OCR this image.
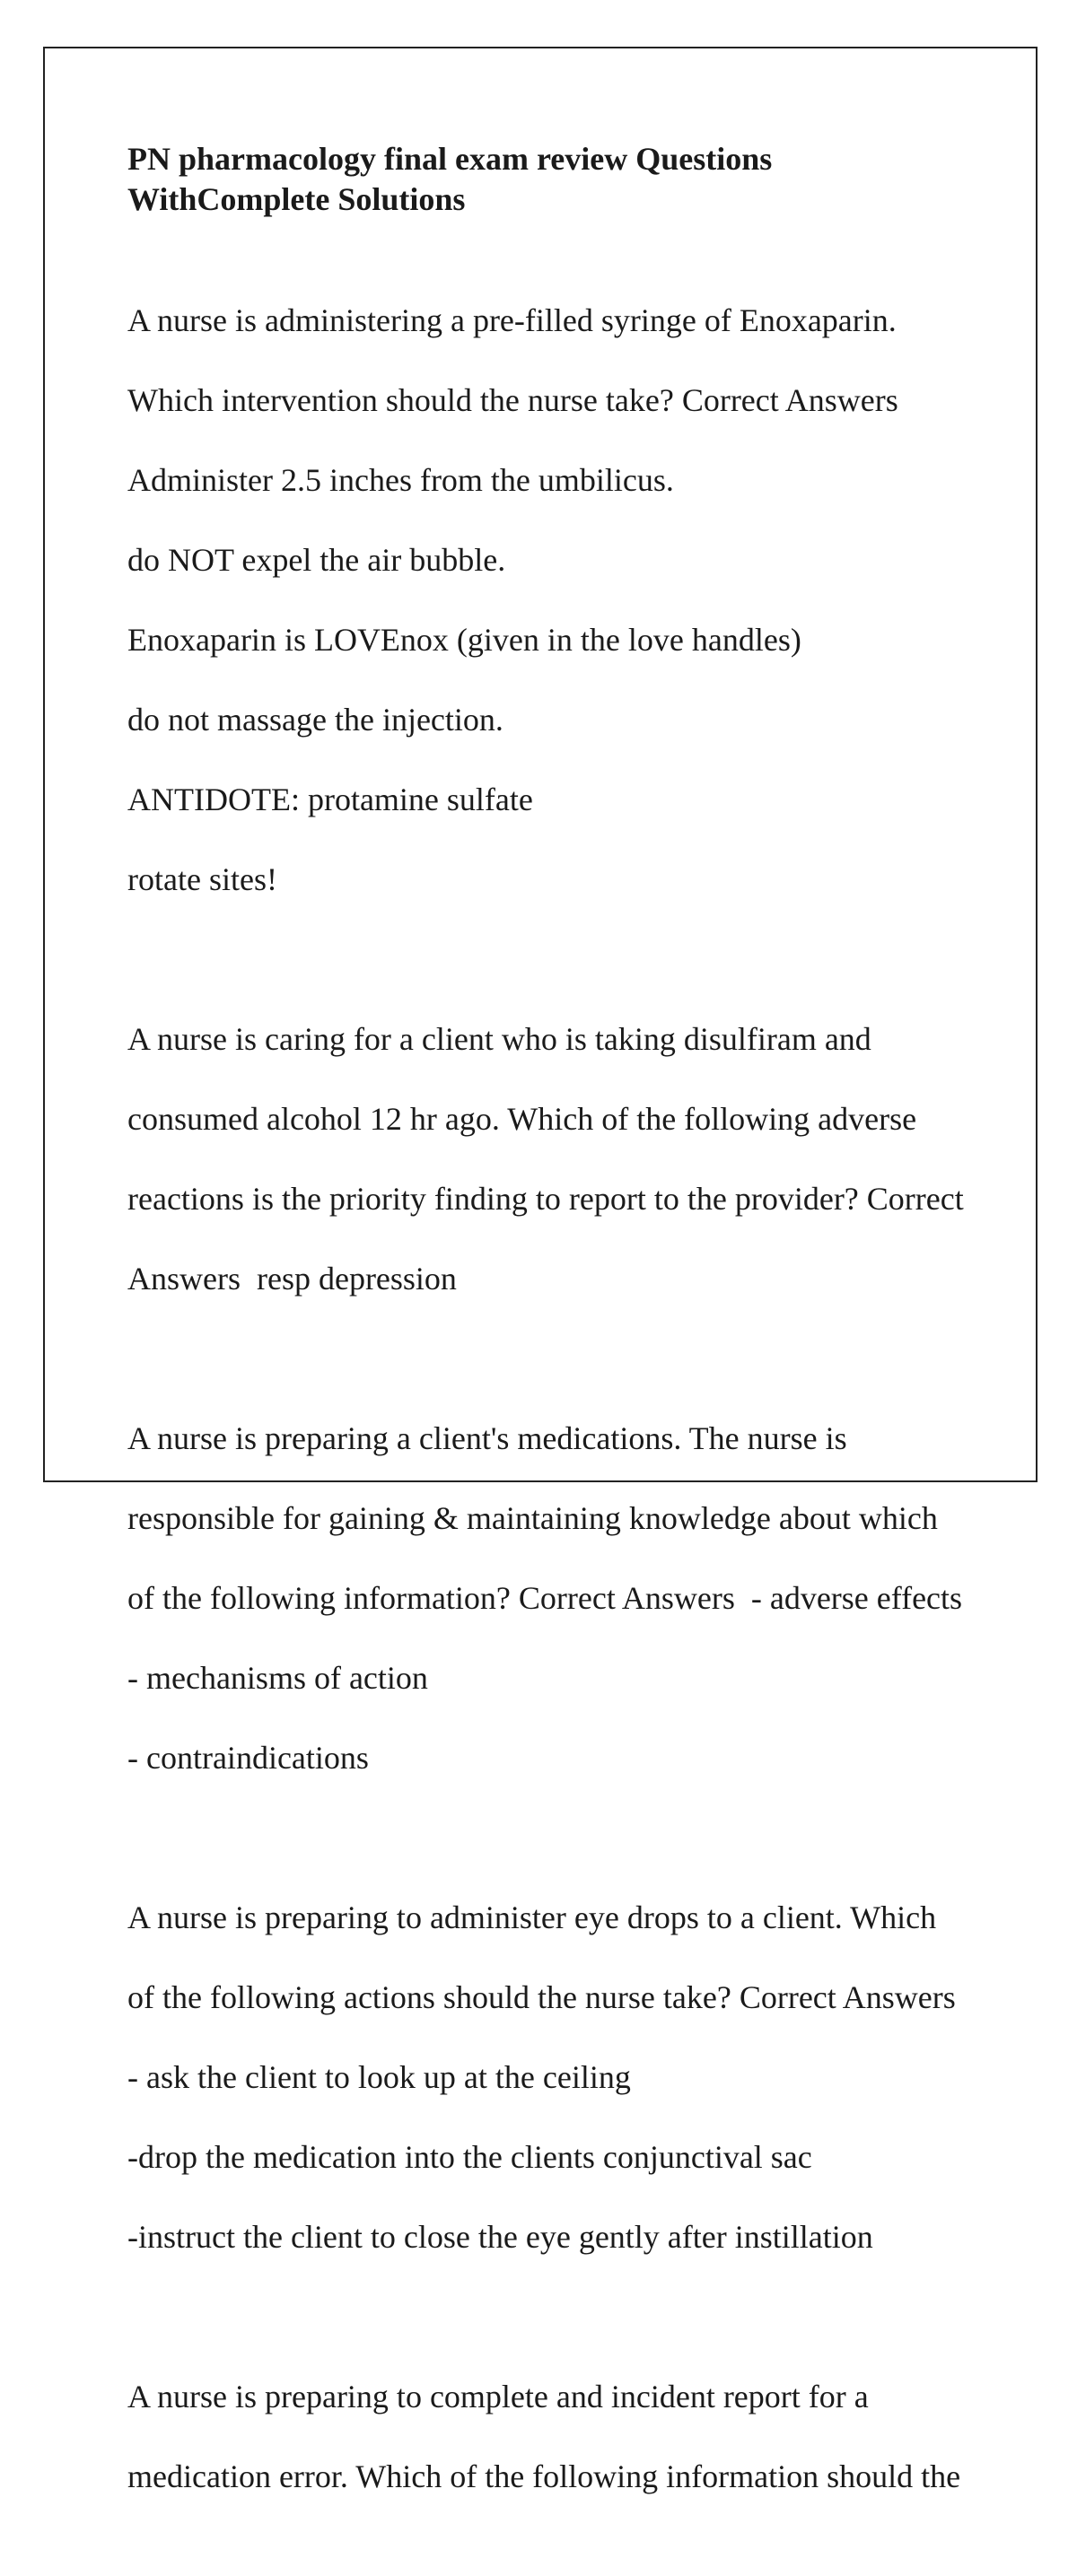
PN pharmacology final exam review Questions WithComplete Solutions

A nurse is administering a pre-filled syringe of Enoxaparin.

Which intervention should the nurse take? Correct Answers

Administer 2.5 inches from the umbilicus.

do NOT expel the air bubble.

Enoxaparin is LOVEnox (given in the love handles)

do not massage the injection.

ANTIDOTE: protamine sulfate

rotate sites!

A nurse is caring for a client who is taking disulfiram and

consumed alcohol 12 hr ago. Which of the following adverse

reactions is the priority finding to report to the provider? Correct

Answers  resp depression

A nurse is preparing a client's medications. The nurse is

responsible for gaining & maintaining knowledge about which

of the following information? Correct Answers  - adverse effects

- mechanisms of action

- contraindications

A nurse is preparing to administer eye drops to a client. Which

of the following actions should the nurse take? Correct Answers

- ask the client to look up at the ceiling

-drop the medication into the clients conjunctival sac

-instruct the client to close the eye gently after instillation

A nurse is preparing to complete and incident report for a

medication error. Which of the following information should the
